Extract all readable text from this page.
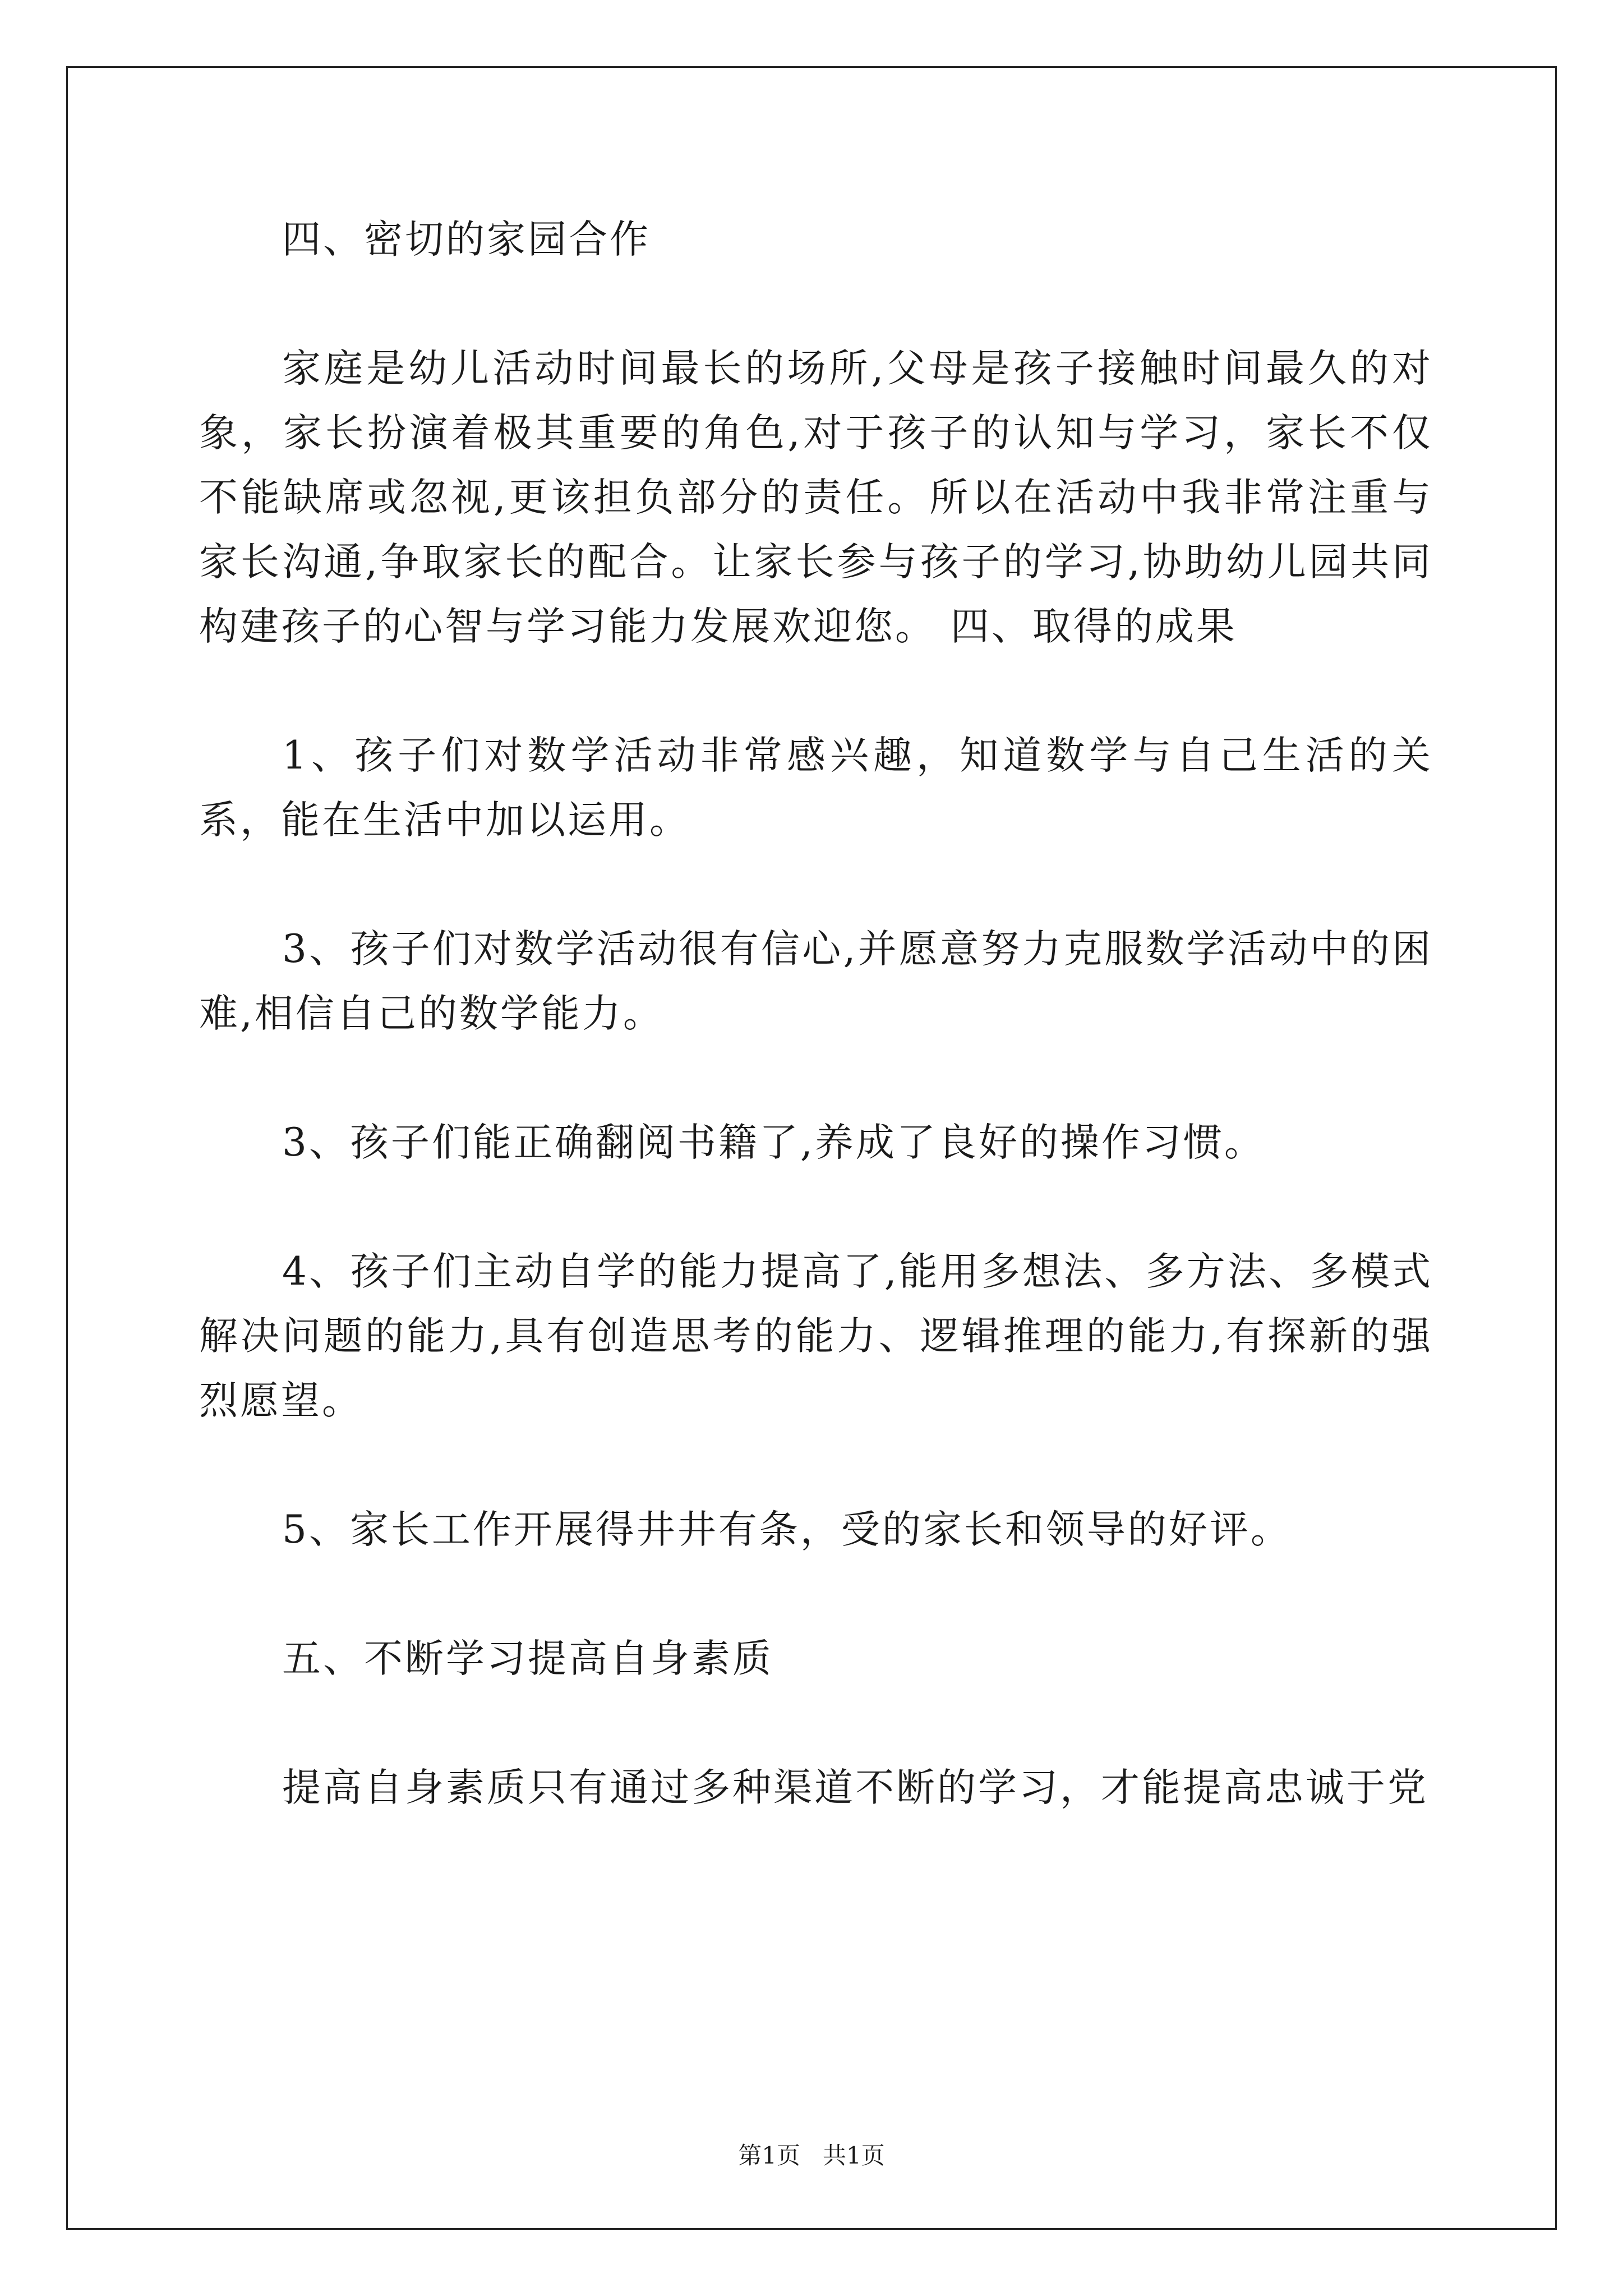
四、密切的家园合作

家庭是幼儿活动时间最长的场所,父母是孩子接触时间最久的对象，家长扮演着极其重要的角色,对于孩子的认知与学习，家长不仅不能缺席或忽视,更该担负部分的责任。所以在活动中我非常注重与家长沟通,争取家长的配合。让家长参与孩子的学习,协助幼儿园共同构建孩子的心智与学习能力发展欢迎您。 四、取得的成果

1、孩子们对数学活动非常感兴趣，知道数学与自己生活的关系，能在生活中加以运用。

3、孩子们对数学活动很有信心,并愿意努力克服数学活动中的困难,相信自己的数学能力。

3、孩子们能正确翻阅书籍了,养成了良好的操作习惯。

4、孩子们主动自学的能力提高了,能用多想法、多方法、多模式解决问题的能力,具有创造思考的能力、逻辑推理的能力,有探新的强烈愿望。

5、家长工作开展得井井有条，受的家长和领导的好评。

五、不断学习提高自身素质

提高自身素质只有通过多种渠道不断的学习，才能提高忠诚于党

第1页 共1页
